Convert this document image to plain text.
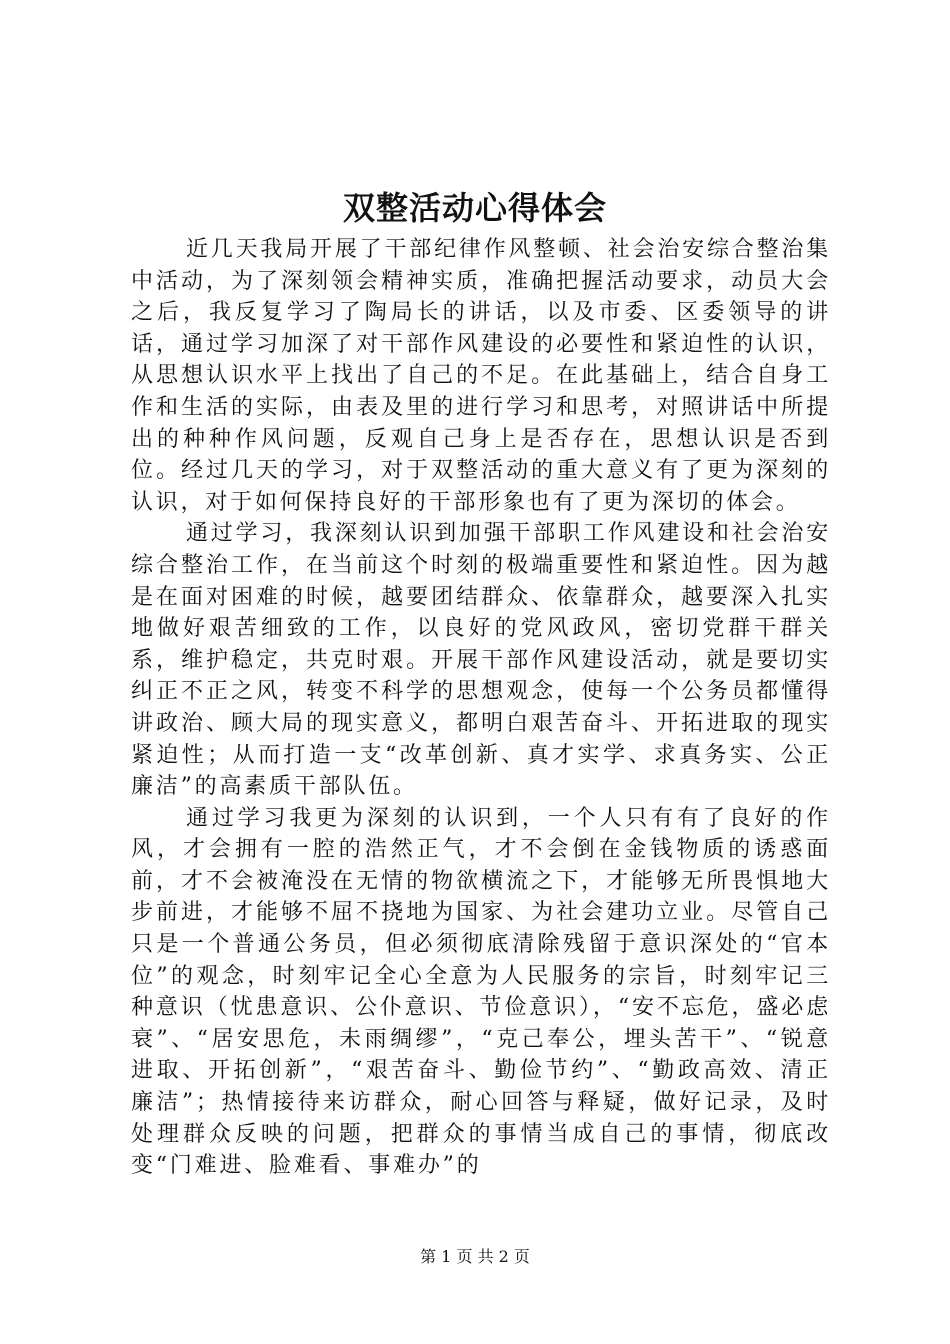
双整活动心得体会

近几天我局开展了干部纪律作风整顿、社会治安综合整治集中活动，为了深刻领会精神实质，准确把握活动要求，动员大会之后，我反复学习了陶局长的讲话，以及市委、区委领导的讲话，通过学习加深了对干部作风建设的必要性和紧迫性的认识，从思想认识水平上找出了自己的不足。在此基础上，结合自身工作和生活的实际，由表及里的进行学习和思考，对照讲话中所提出的种种作风问题，反观自己身上是否存在，思想认识是否到位。经过几天的学习，对于双整活动的重大意义有了更为深刻的认识，对于如何保持良好的干部形象也有了更为深切的体会。

通过学习，我深刻认识到加强干部职工作风建设和社会治安综合整治工作，在当前这个时刻的极端重要性和紧迫性。因为越是在面对困难的时候，越要团结群众、依靠群众，越要深入扎实地做好艰苦细致的工作，以良好的党风政风，密切党群干群关系，维护稳定，共克时艰。开展干部作风建设活动，就是要切实纠正不正之风，转变不科学的思想观念，使每一个公务员都懂得讲政治、顾大局的现实意义，都明白艰苦奋斗、开拓进取的现实紧迫性；从而打造一支“改革创新、真才实学、求真务实、公正廉洁”的高素质干部队伍。

通过学习我更为深刻的认识到，一个人只有有了良好的作风，才会拥有一腔的浩然正气，才不会倒在金钱物质的诱惑面前，才不会被淹没在无情的物欲横流之下，才能够无所畏惧地大步前进，才能够不屈不挠地为国家、为社会建功立业。尽管自己只是一个普通公务员，但必须彻底清除残留于意识深处的“官本位”的观念，时刻牢记全心全意为人民服务的宗旨，时刻牢记三种意识（忧患意识、公仆意识、节俭意识），“安不忘危，盛必虑衰”、“居安思危，未雨绸缪”，“克己奉公，埋头苦干”、“锐意进取、开拓创新”，“艰苦奋斗、勤俭节约”、“勤政高效、清正廉洁”；热情接待来访群众，耐心回答与释疑，做好记录，及时处理群众反映的问题，把群众的事情当成自己的事情，彻底改变“门难进、脸难看、事难办”的

第 1 页 共 2 页
